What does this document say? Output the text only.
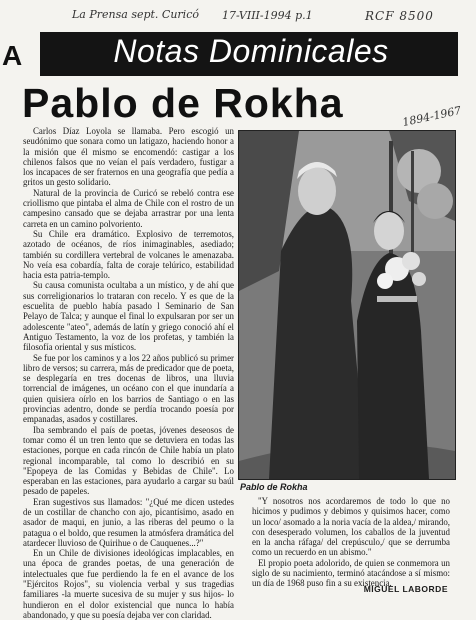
La Prensa sept. Curicó 17-VIII-1994 p.1	RCF 8500
1894-1967
A	Notas Dominicales
Pablo de Rokha

Carlos Díaz Loyola se llamaba. Pero escogió un seudónimo que sonara como un latigazo, haciendo honor a la misión que él mismo se encomendó: castigar a los chilenos falsos que no veían el país verdadero, fustigar a los incapaces de ser fraternos en una geografía que pedía a gritos un gesto solidario.

Natural de la provincia de Curicó se rebeló contra ese criollismo que pintaba el alma de Chile con el rostro de un campesino cansado que se dejaba arrastrar por una lenta carreta en un camino polvoriento.

Su Chile era dramático. Explosivo de terremotos, azotado de océanos, de ríos inimaginables, asediado; también su cordillera vertebral de volcanes le amenazaba. No veía esa cobardía, falta de coraje telúrico, estabilidad hacia esta patria-templo.

Su causa comunista ocultaba a un místico, y de ahí que sus correligionarios lo trataran con recelo. Y es que de la escuelita de pueblo había pasado l Seminario de San Pelayo de Talca; y aunque el final lo expulsaran por ser un adolescente "ateo", además de latín y griego conoció ahí el Antiguo Testamento, la voz de los profetas, y también la filosofía oriental y sus místicos.

Se fue por los caminos y a los 22 años publicó su primer libro de versos; su carrera, más de predicador que de poeta, se desplegaría en tres docenas de libros, una lluvia torrencial de imágenes, un océano con el que inundaría a quien quisiera oírlo en los barrios de Santiago o en las provincias adentro, donde se perdía trocando poesía por empanadas, asados y costillares.

Iba sembrando el país de poetas, jóvenes deseosos de tomar como él un tren lento que se detuviera en todas las estaciones, porque en cada rincón de Chile había un plato regional incomparable, tal como lo describió en su "Epopeya de las Comidas y Bebidas de Chile". Lo esperaban en las estaciones, para ayudarlo a cargar su baúl pesado de papeles.

Eran sugestivos sus llamados: "¿Qué me dicen ustedes de un costillar de chancho con ajo, picantísimo, asado en asador de maqui, en junio, a las riberas del peumo o la patagua o el boldo, que resumen la atmósfera dramática del atardecer lluvioso de Quirihue o de Cauquenes...?"

En un Chile de divisiones ideológicas implacables, en una época de grandes poetas, de una generación de intelectuales que fue perdiendo la fe en el avance de los "Ejércitos Rojos", su violencia verbal y sus tragedias familiares -la muerte sucesiva de su mujer y sus hijos- lo hundieron en el dolor existencial que nunca lo había abandonado, y que su poesía dejaba ver con claridad.

Pablo de Rokha

"Y nosotros nos acordaremos de todo lo que no hicimos y pudimos y debimos y quisimos hacer, como un loco/ asomado a la noria vacía de la aldea,/ mirando, con desesperado volumen, los caballos de la juventud en la ancha ráfaga/ del crepúsculo,/ que se derrumba como un recuerdo en un abismo."

El propio poeta adolorido, de quien se conmemora un siglo de su nacimiento, terminó atacándose a sí mismo: un día de 1968 puso fin a su existencia.

MIGUEL LABORDE
